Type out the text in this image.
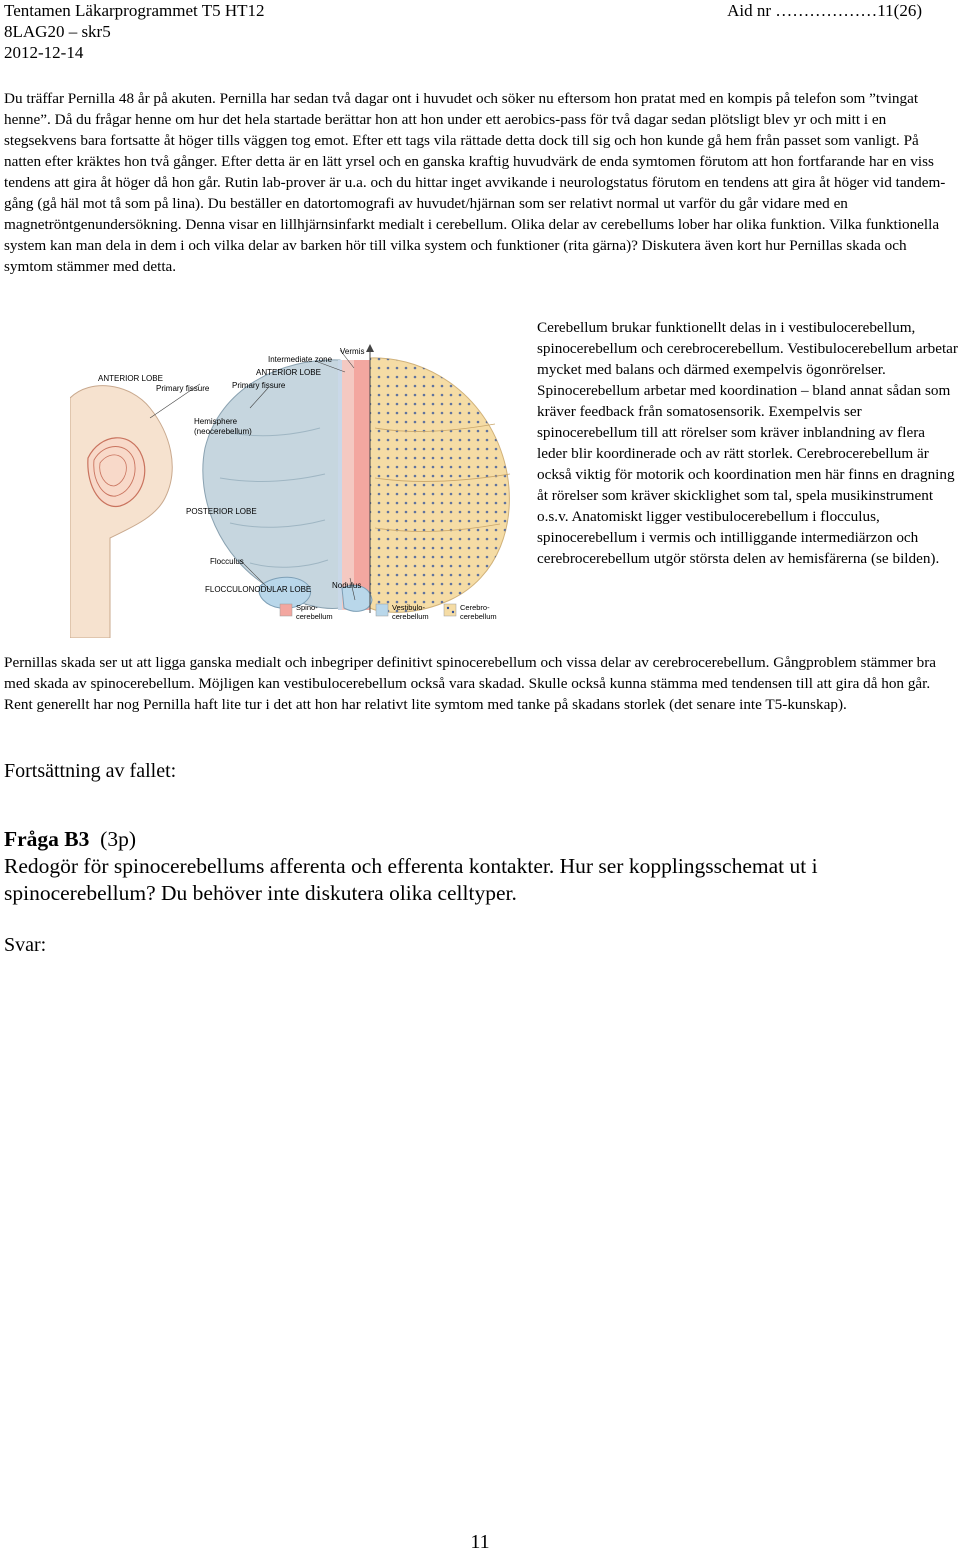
Tentamen Läkarprogrammet T5 HT12
8LAG20 – skr5
2012-12-14
Aid nr ………………11(26)
Du träffar Pernilla 48 år på akuten. Pernilla har sedan två dagar ont i huvudet och söker nu eftersom hon pratat med en kompis på telefon som ”tvingat henne”. Då du frågar henne om hur det hela startade berättar hon att hon under ett aerobics-pass för två dagar sedan plötsligt blev yr och mitt i en stegsekvens bara fortsatte åt höger tills väggen tog emot. Efter ett tags vila rättade detta dock till sig och hon kunde gå hem från passet som vanligt. På natten efter kräktes hon två gånger. Efter detta är en lätt yrsel och en ganska kraftig huvudvärk de enda symtomen förutom att hon fortfarande har en viss tendens att gira åt höger då hon går. Rutin lab-prover är u.a. och du hittar inget avvikande i neurologstatus förutom en tendens att gira åt höger vid tandem-gång (gå häl mot tå som på lina). Du beställer en datortomografi av huvudet/hjärnan som ser relativt normal ut varför du går vidare med en magnetröntgenundersökning. Denna visar en lillhjärnsinfarkt medialt i cerebellum. Olika delar av cerebellums lober har olika funktion. Vilka funktionella system kan man dela in dem i och vilka delar av barken hör till vilka system och funktioner (rita gärna)? Diskutera även kort hur Pernillas skada och symtom stämmer med detta.
Vermis
Intermediate zone
ANTERIOR LOBE
ANTERIOR LOBE
Primary fissure	Primary fissure
Hemisphere
(neocerebellum)
POSTERIOR LOBE
Flocculus
Nodulus
FLOCCULONODULAR LOBE
Spino-
cerebellum
Vestibulo-
cerebellum
Cerebro-
cerebellum
Cerebellum brukar funktionellt delas in i vestibulocerebellum, spinocerebellum och cerebrocerebellum. Vestibulocerebellum arbetar mycket med balans och därmed exempelvis ögonrörelser. Spinocerebellum arbetar med koordination – bland annat sådan som kräver feedback från somatosensorik. Exempelvis ser spinocerebellum till att rörelser som kräver inblandning av flera leder blir koordinerade och av rätt storlek. Cerebrocerebellum är också viktig för motorik och koordination men här finns en dragning åt rörelser som kräver skicklighet som tal, spela musikinstrument o.s.v. Anatomiskt ligger vestibulocerebellum i flocculus, spinocerebellum i vermis och intilliggande intermediärzon och cerebrocerebellum utgör största delen av hemisfärerna (se bilden).
Pernillas skada ser ut att ligga ganska medialt och inbegriper definitivt spinocerebellum och vissa delar av cerebrocerebellum. Gångproblem stämmer bra med skada av spinocerebellum. Möjligen kan vestibulocerebellum också vara skadad. Skulle också kunna stämma med tendensen till att gira då hon går. Rent generellt har nog Pernilla haft lite tur i det att hon har relativt lite symtom med tanke på skadans storlek (det senare inte T5-kunskap).
Fortsättning av fallet:
Fråga B3 (3p)
Redogör för spinocerebellums afferenta och efferenta kontakter. Hur ser kopplingsschemat ut i spinocerebellum? Du behöver inte diskutera olika celltyper.
Svar:
11
